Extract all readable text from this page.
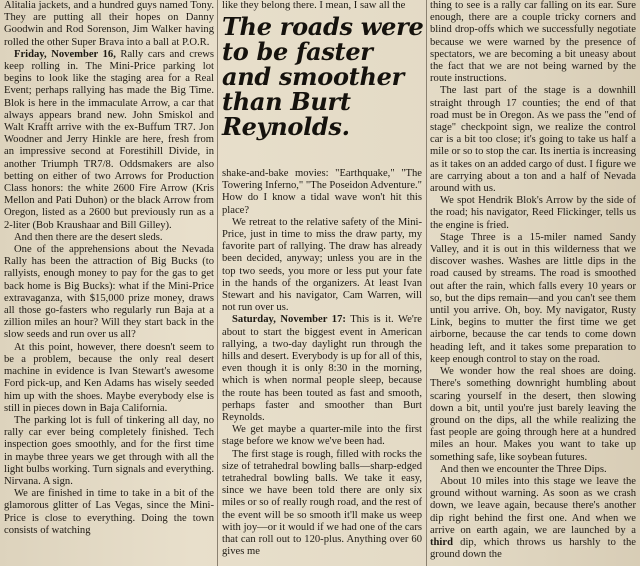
Alitalia jackets, and a hundred guys named Tony. They are putting all their hopes on Danny Goodwin and Rod Sorenson, Jim Walker having rolled the other Super Brava into a ball at P.O.R.

Friday, November 16, Rally cars and crews keep rolling in. The Mini-Price parking lot begins to look like the staging area for a Real Event; perhaps rallying has made the Big Time. Blok is here in the immaculate Arrow, a car that always appears brand new. John Smiskol and Walt Krafft arrive with the ex-Buffum TR7. Jon Woodner and Jerry Hinkle are here, fresh from an impressive second at Forestihill Divide, in another Triumph TR7/8. Oddsmakers are also betting on either of two Arrows for Production Class honors: the white 2600 Fire Arrow (Kris Mellon and Pati Duhon) or the black Arrow from Oregon, listed as a 2600 but previously run as a 2-liter (Bob Kraushaar and Bill Gilley).

And then there are the desert sleds.

One of the apprehensions about the Nevada Rally has been the attraction of Big Bucks (to rallyists, enough money to pay for the gas to get back home is Big Bucks): what if the Mini-Price extravaganza, with $15,000 prize money, draws all those go-fasters who regularly run Baja at a zillion miles an hour? Will they start back in the slow seeds and run over us all?

At this point, however, there doesn't seem to be a problem, because the only real desert machine in evidence is Ivan Stewart's awesome Ford pick-up, and Ken Adams has wisely seeded him up with the shoes. Maybe everybody else is still in pieces down in Baja California.

The parking lot is full of tinkering all day, no rally car ever being completely finished. Tech inspection goes smoothly, and for the first time in maybe three years we get through with all the light bulbs working. Turn signals and everything. Nirvana. A sign.

We are finished in time to take in a bit of the glamorous glitter of Las Vegas, since the Mini-Price is close to everything. Doing the town consists of watching

like they belong there. I mean, I saw all the
The roads were to be faster and smoother than Burt Reynolds.

shake-and-bake movies: "Earthquake," "The Towering Inferno," "The Poseidon Adventure." How do I know a tidal wave won't hit this place?

We retreat to the relative safety of the Mini-Price, just in time to miss the draw party, my favorite part of rallying. The draw has already been decided, anyway; unless you are in the top two seeds, you more or less put your fate in the hands of the organizers. At least Ivan Stewart and his navigator, Cam Warren, will not run over us.

Saturday, November 17: This is it. We're about to start the biggest event in American rallying, a two-day daylight run through the hills and desert. Everybody is up for all of this, even though it is only 8:30 in the morning, which is when normal people sleep, because the route has been touted as fast and smooth, perhaps faster and smoother than Burt Reynolds.

We get maybe a quarter-mile into the first stage before we know we've been had.

The first stage is rough, filled with rocks the size of tetrahedral bowling balls—sharp-edged tetrahedral bowling balls. We take it easy, since we have been told there are only six miles or so of really rough road, and the rest of the event will be so smooth it'll make us weep with joy—or it would if we had one of the cars that can roll out to 120-plus. Anything over 60 gives me

thing to see is a rally car falling on its ear. Sure enough, there are a couple tricky corners and blind drop-offs which we successfully negotiate because we were warned by the presence of spectators, we are becoming a bit uneasy about the fact that we are not being warned by the route instructions.

The last part of the stage is a downhill straight through 17 counties; the end of that road must be in Oregon. As we pass the "end of stage" checkpoint sign, we realize the control car is a bit too close; it's going to take us half a mile or so to stop the car. Its inertia is increasing as it takes on an added cargo of dust. I figure we are carrying about a ton and a half of Nevada around with us.

We spot Hendrik Blok's Arrow by the side of the road; his navigator, Reed Flickinger, tells us the engine is fried.

Stage Three is a 15-miler named Sandy Valley, and it is out in this wilderness that we discover washes. Washes are little dips in the road caused by streams. The road is smoothed out after the rain, which falls every 10 years or so, but the dips remain—and you can't see them until you arrive. Oh, boy. My navigator, Rusty Link, begins to mutter the first time we get airborne, because the car tends to come down heading left, and it takes some preparation to keep enough control to stay on the road.

We wonder how the real shoes are doing. There's something downright humbling about scaring yourself in the desert, then slowing down a bit, until you're just barely leaving the ground on the dips, all the while realizing the fast people are going through here at a hundred miles an hour. Makes you want to take up something safe, like soybean futures.

And then we encounter the Three Dips.

About 10 miles into this stage we leave the ground without warning. As soon as we crash down, we leave again, because there's another dip right behind the first one. And when we arrive on earth again, we are launched by a third dip, which throws us harshly to the ground down the
